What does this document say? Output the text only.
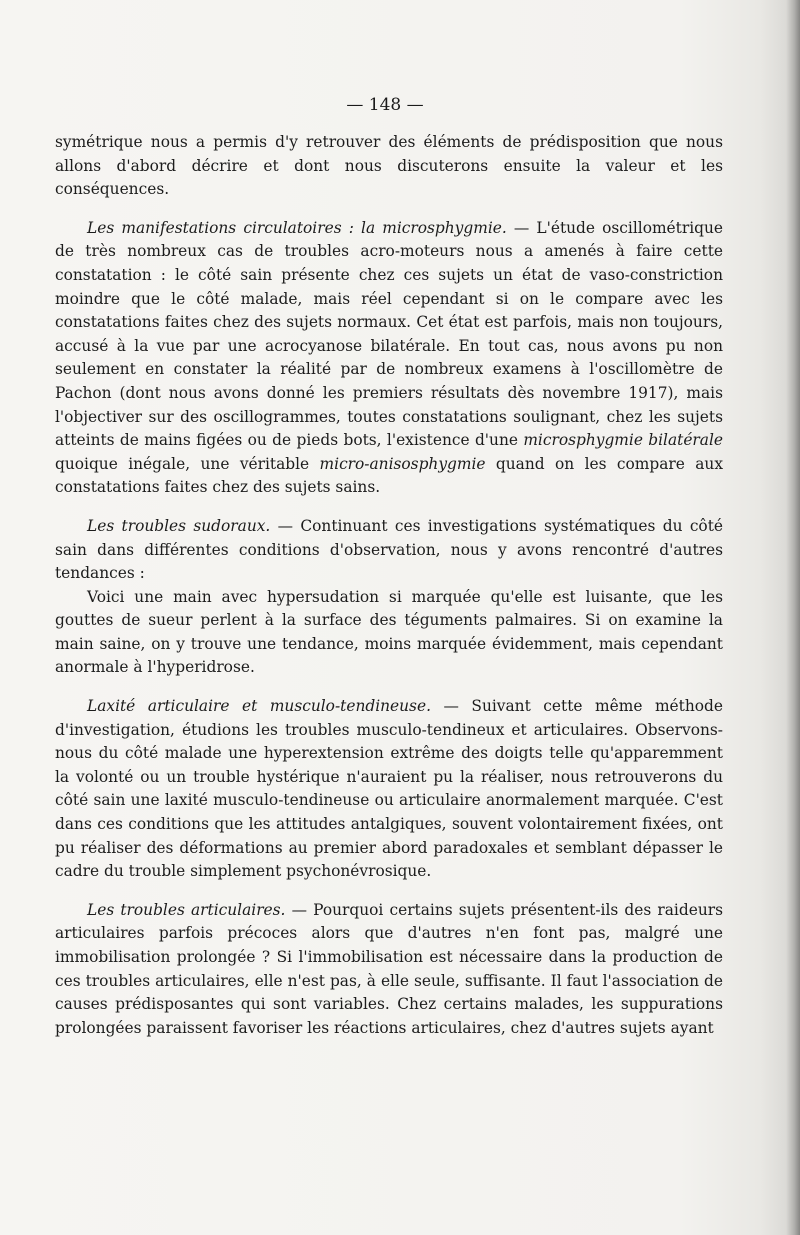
— 148 —

symétrique nous a permis d'y retrouver des éléments de prédisposition que nous allons d'abord décrire et dont nous discuterons ensuite la valeur et les conséquences.

Les manifestations circulatoires : la microsphygmie. — L'étude oscillométrique de très nombreux cas de troubles acro-moteurs nous a amenés à faire cette constatation : le côté sain présente chez ces sujets un état de vaso-constriction moindre que le côté malade, mais réel cependant si on le compare avec les constatations faites chez des sujets normaux. Cet état est parfois, mais non toujours, accusé à la vue par une acrocyanose bilatérale. En tout cas, nous avons pu non seulement en constater la réalité par de nombreux examens à l'oscillomètre de Pachon (dont nous avons donné les premiers résultats dès novembre 1917), mais l'objectiver sur des oscillogrammes, toutes constatations soulignant, chez les sujets atteints de mains figées ou de pieds bots, l'existence d'une microsphygmie bilatérale quoique inégale, une véritable micro-anisosphygmie quand on les compare aux constatations faites chez des sujets sains.

Les troubles sudoraux. — Continuant ces investigations systématiques du côté sain dans différentes conditions d'observation, nous y avons rencontré d'autres tendances :

Voici une main avec hypersudation si marquée qu'elle est luisante, que les gouttes de sueur perlent à la surface des téguments palmaires. Si on examine la main saine, on y trouve une tendance, moins marquée évidemment, mais cependant anormale à l'hyperidrose.

Laxité articulaire et musculo-tendineuse. — Suivant cette même méthode d'investigation, étudions les troubles musculo-tendineux et articulaires. Observons-nous du côté malade une hyperextension extrême des doigts telle qu'apparemment la volonté ou un trouble hystérique n'auraient pu la réaliser, nous retrouverons du côté sain une laxité musculo-tendineuse ou articulaire anormalement marquée. C'est dans ces conditions que les attitudes antalgiques, souvent volontairement fixées, ont pu réaliser des déformations au premier abord paradoxales et semblant dépasser le cadre du trouble simplement psychonévrosique.

Les troubles articulaires. — Pourquoi certains sujets présentent-ils des raideurs articulaires parfois précoces alors que d'autres n'en font pas, malgré une immobilisation prolongée ? Si l'immobilisation est nécessaire dans la production de ces troubles articulaires, elle n'est pas, à elle seule, suffisante. Il faut l'association de causes prédisposantes qui sont variables. Chez certains malades, les suppurations prolongées paraissent favoriser les réactions articulaires, chez d'autres sujets ayant
